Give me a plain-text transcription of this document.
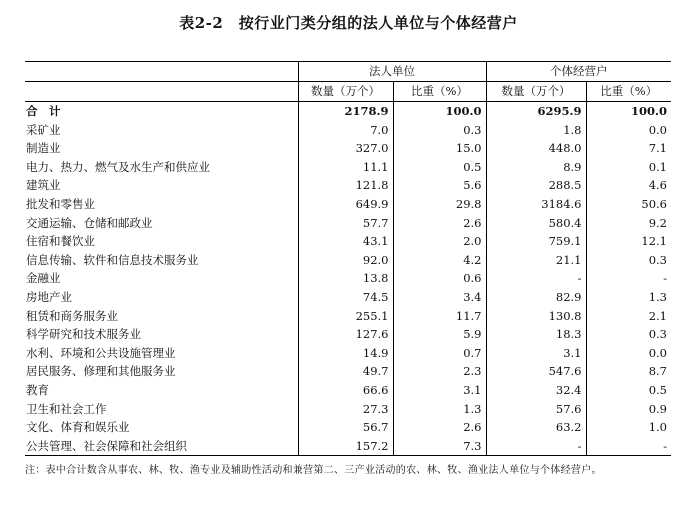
表2-2　按行业门类分组的法人单位与个体经营户
	法人单位		个体经营户	
	数量（万个）	比重（%）	数量（万个）	比重（%）
合　计	2178.9	100.0	6295.9	100.0
采矿业	7.0	0.3	1.8	0.0
制造业	327.0	15.0	448.0	7.1
电力、热力、燃气及水生产和供应业	11.1	0.5	8.9	0.1
建筑业	121.8	5.6	288.5	4.6
批发和零售业	649.9	29.8	3184.6	50.6
交通运输、仓储和邮政业	57.7	2.6	580.4	9.2
住宿和餐饮业	43.1	2.0	759.1	12.1
信息传输、软件和信息技术服务业	92.0	4.2	21.1	0.3
金融业	13.8	0.6	-	-
房地产业	74.5	3.4	82.9	1.3
租赁和商务服务业	255.1	11.7	130.8	2.1
科学研究和技术服务业	127.6	5.9	18.3	0.3
水利、环境和公共设施管理业	14.9	0.7	3.1	0.0
居民服务、修理和其他服务业	49.7	2.3	547.6	8.7
教育	66.6	3.1	32.4	0.5
卫生和社会工作	27.3	1.3	57.6	0.9
文化、体育和娱乐业	56.7	2.6	63.2	1.0
公共管理、社会保障和社会组织	157.2	7.3	-	-
注：表中合计数含从事农、林、牧、渔专业及辅助性活动和兼营第二、三产业活动的农、林、牧、渔业法人单位与个体经营户。
